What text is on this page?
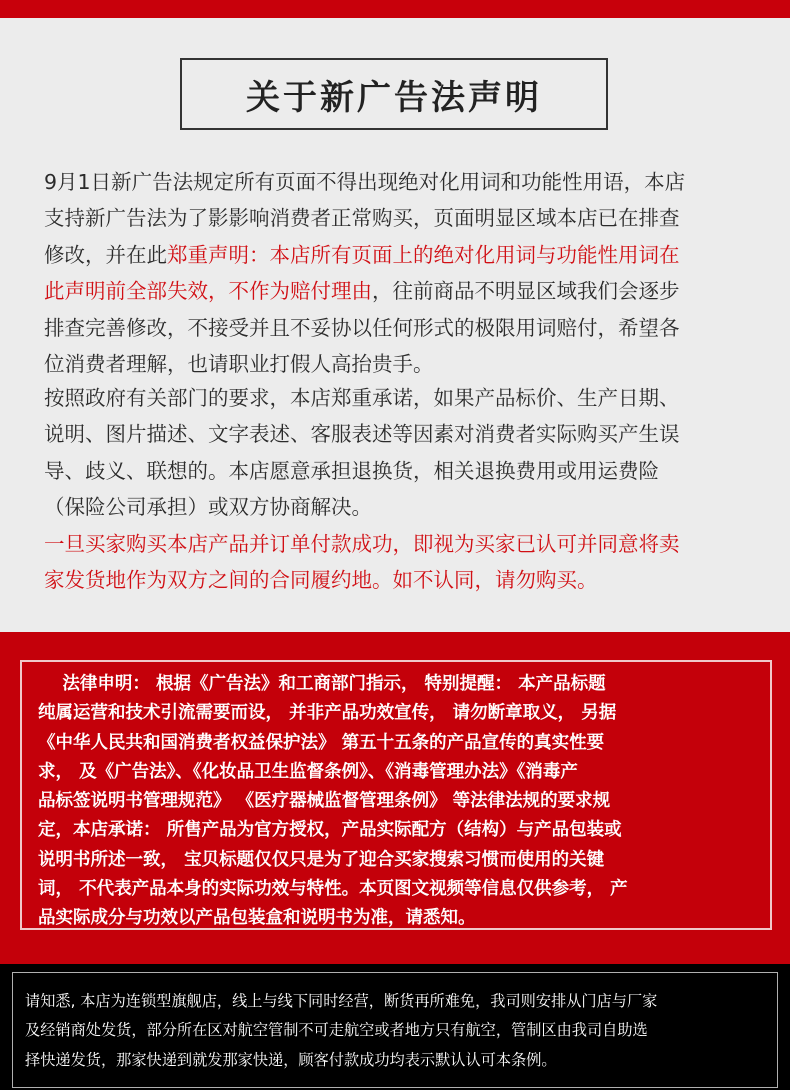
关于新广告法声明

9月1日新广告法规定所有页面不得出现绝对化用词和功能性用语，本店
支持新广告法为了影影响消费者正常购买，页面明显区域本店已在排查
修改，并在此郑重声明：本店所有页面上的绝对化用词与功能性用词在
此声明前全部失效，不作为赔付理由，往前商品不明显区域我们会逐步
排查完善修改，不接受并且不妥协以任何形式的极限用词赔付，希望各
位消费者理解，也请职业打假人高抬贵手。

按照政府有关部门的要求，本店郑重承诺，如果产品标价、生产日期、
说明、图片描述、文字表述、客服表述等因素对消费者实际购买产生误
导、歧义、联想的。本店愿意承担退换货，相关退换费用或用运费险
（保险公司承担）或双方协商解决。

一旦买家购买本店产品并订单付款成功，即视为买家已认可并同意将卖
家发货地作为双方之间的合同履约地。如不认同，请勿购买。

法律申明： 根据《广告法》和工商部门指示， 特别提醒： 本产品标题
纯属运营和技术引流需要而设， 并非产品功效宣传， 请勿断章取义， 另据
《中华人民共和国消费者权益保护法》 第五十五条的产品宣传的真实性要
求， 及《广告法》、《化妆品卫生监督条例》、《消毒管理办法》《消毒产
品标签说明书管理规范》 《医疗器械监督管理条例》 等法律法规的要求规
定，本店承诺： 所售产品为官方授权，产品实际配方（结构）与产品包装或
说明书所述一致， 宝贝标题仅仅只是为了迎合买家搜索习惯而使用的关键
词， 不代表产品本身的实际功效与特性。本页图文视频等信息仅供参考， 产
品实际成分与功效以产品包装盒和说明书为准，请悉知。

请知悉, 本店为连锁型旗舰店，线上与线下同时经营，断货再所难免，我司则安排从门店与厂家
及经销商处发货，部分所在区对航空管制不可走航空或者地方只有航空，管制区由我司自助选
择快递发货，那家快递到就发那家快递，顾客付款成功均表示默认认可本条例。
